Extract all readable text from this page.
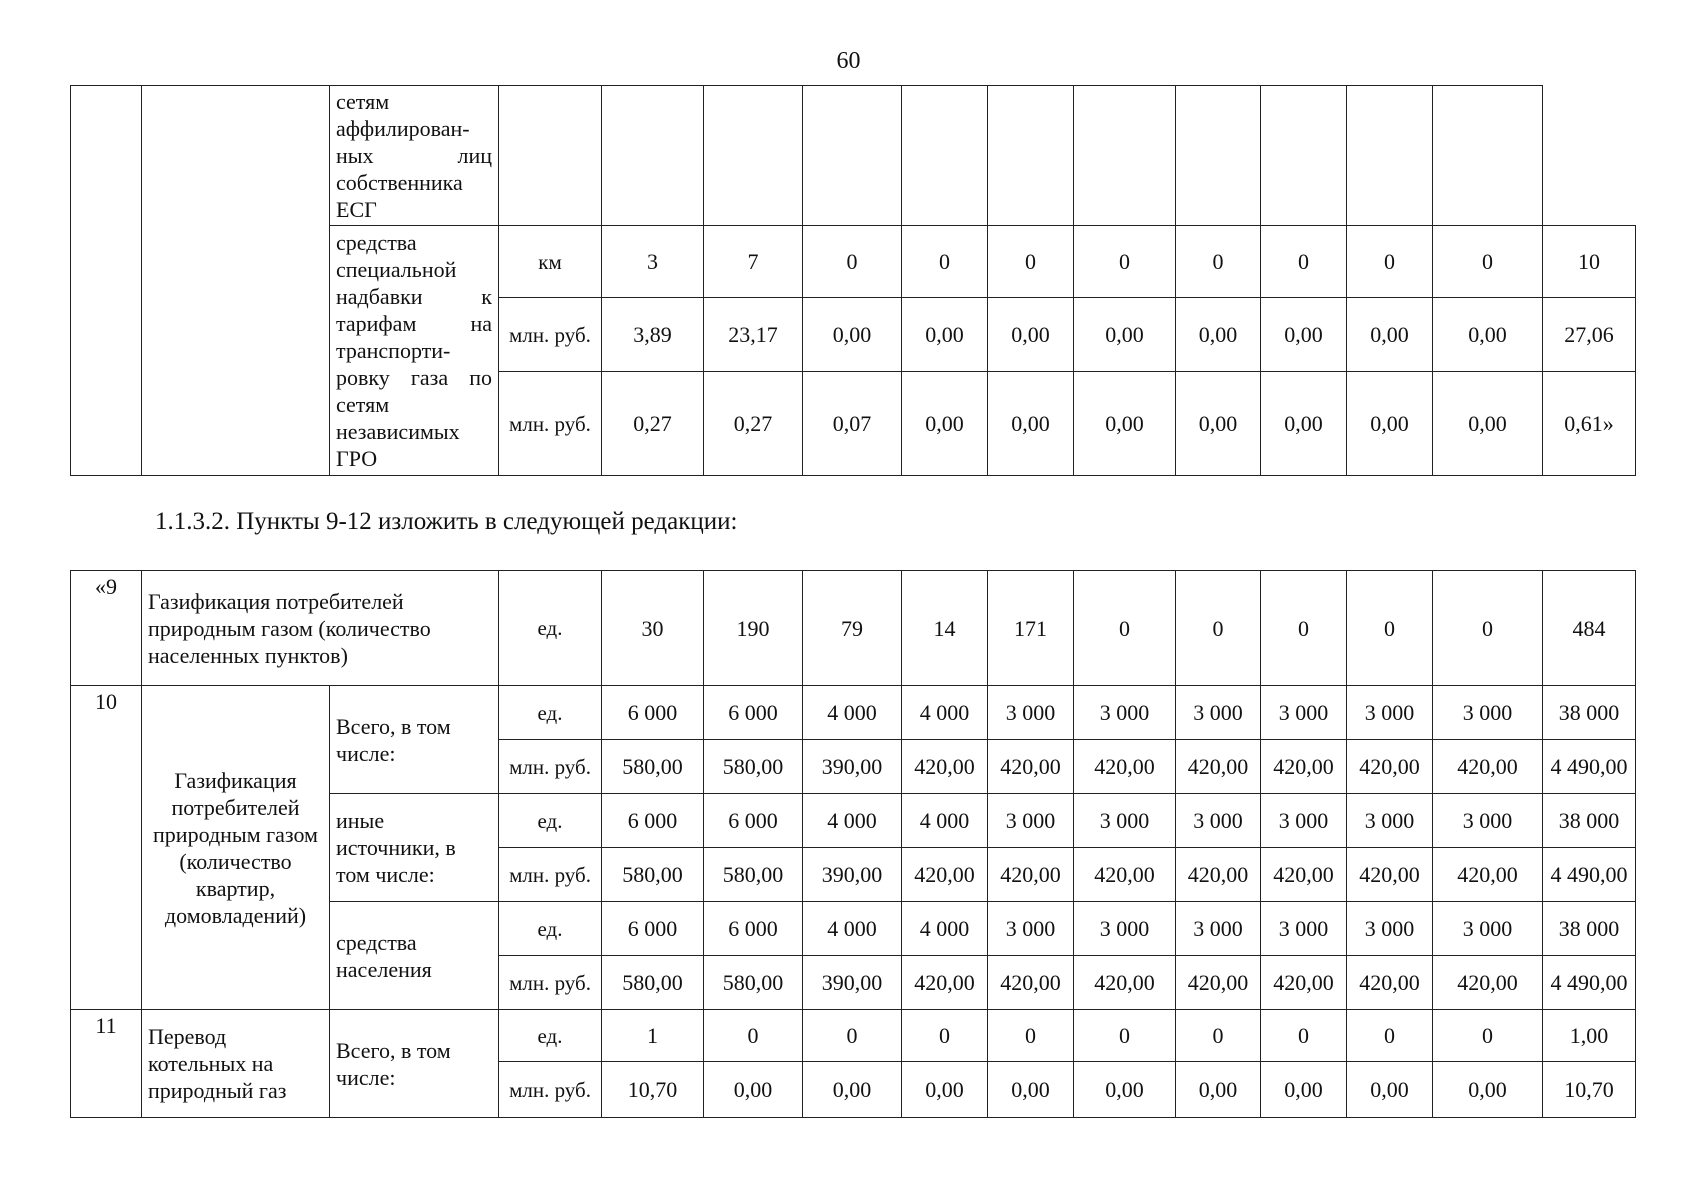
60
		сетям аффилирован-ных лиц собственника ЕСГ												
		средства специальной надбавки к тарифам на транспорти-ровку газа по сетям независимых ГРО	км	3	7	0	0	0	0	0	0	0	0	10
			млн. руб.	3,89	23,17	0,00	0,00	0,00	0,00	0,00	0,00	0,00	0,00	27,06
			млн. руб.	0,27	0,27	0,07	0,00	0,00	0,00	0,00	0,00	0,00	0,00	0,61»
1.1.3.2. Пункты 9-12 изложить в следующей редакции:
«9	Газификация потребителей природным газом (количество населенных пунктов)		ед.	30	190	79	14	171	0	0	0	0	0	484
10	Газификация потребителей природным газом (количество квартир, домовладений)	Всего, в том числе:	ед.	6 000	6 000	4 000	4 000	3 000	3 000	3 000	3 000	3 000	3 000	38 000
			млн. руб.	580,00	580,00	390,00	420,00	420,00	420,00	420,00	420,00	420,00	420,00	4 490,00
		иные источники, в том числе:	ед.	6 000	6 000	4 000	4 000	3 000	3 000	3 000	3 000	3 000	3 000	38 000
			млн. руб.	580,00	580,00	390,00	420,00	420,00	420,00	420,00	420,00	420,00	420,00	4 490,00
		средства населения	ед.	6 000	6 000	4 000	4 000	3 000	3 000	3 000	3 000	3 000	3 000	38 000
			млн. руб.	580,00	580,00	390,00	420,00	420,00	420,00	420,00	420,00	420,00	420,00	4 490,00
11	Перевод котельных на природный газ	Всего, в том числе:	ед.	1	0	0	0	0	0	0	0	0	0	1,00
			млн. руб.	10,70	0,00	0,00	0,00	0,00	0,00	0,00	0,00	0,00	0,00	10,70
